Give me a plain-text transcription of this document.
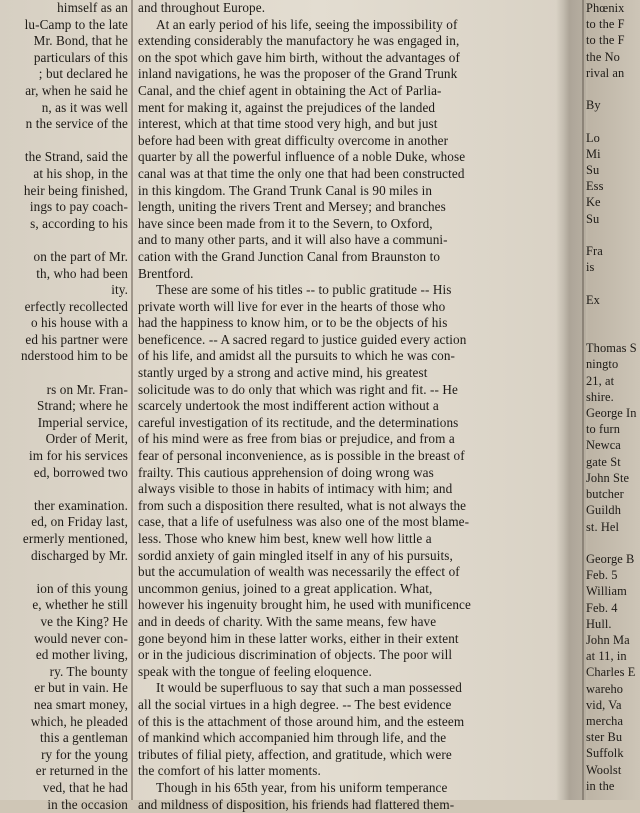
himself as an
lu-Camp to the late
Mr. Bond, that he
particulars of this
; but declared he
ar, when he said he
n, as it was well
n the service of the

the Strand, said the
at his shop, in the
heir being finished,
ings to pay coach-
s, according to his

on the part of Mr.
th, who had been
ity.
erfectly recollected
o his house with a
ed his partner were
nderstood him to be

rs on Mr. Fran-
Strand; where he
Imperial service,
Order of Merit,
im for his services
ed, borrowed two

ther examination.
ed, on Friday last,
ermerly mentioned,
discharged by Mr.

ion of this young
e, whether he still
ve the King? He
would never con-
ed mother living,
ry. The bounty
er but in vain. He
nea smart money,
which, he pleaded
this a gentleman
ry for the young
er returned in the
ved, that he had
in the occasion
and throughout Europe.
At an early period of his life, seeing the impossibility of
extending considerably the manufactory he was engaged in,
on the spot which gave him birth, without the advantages of
inland navigations, he was the proposer of the Grand Trunk
Canal, and the chief agent in obtaining the Act of Parlia-
ment for making it, against the prejudices of the landed
interest, which at that time stood very high, and but just
before had been with great difficulty overcome in another
quarter by all the powerful influence of a noble Duke, whose
canal was at that time the only one that had been constructed
in this kingdom. The Grand Trunk Canal is 90 miles in
length, uniting the rivers Trent and Mersey; and branches
have since been made from it to the Severn, to Oxford,
and to many other parts, and it will also have a communi-
cation with the Grand Junction Canal from Braunston to
Brentford.
These are some of his titles -- to public gratitude -- His
private worth will live for ever in the hearts of those who
had the happiness to know him, or to be the objects of his
beneficence. -- A sacred regard to justice guided every action
of his life, and amidst all the pursuits to which he was con-
stantly urged by a strong and active mind, his greatest
solicitude was to do only that which was right and fit. -- He
scarcely undertook the most indifferent action without a
careful investigation of its rectitude, and the determinations
of his mind were as free from bias or prejudice, and from a
fear of personal inconvenience, as is possible in the breast of
frailty. This cautious apprehension of doing wrong was
always visible to those in habits of intimacy with him; and
from such a disposition there resulted, what is not always the
case, that a life of usefulness was also one of the most blame-
less. Those who knew him best, knew well how little a
sordid anxiety of gain mingled itself in any of his pursuits,
but the accumulation of wealth was necessarily the effect of
uncommon genius, joined to a great application. What,
however his ingenuity brought him, he used with munificence
and in deeds of charity. With the same means, few have
gone beyond him in these latter works, either in their extent
or in the judicious discrimination of objects. The poor will
speak with the tongue of feeling eloquence.
It would be superfluous to say that such a man possessed
all the social virtues in a high degree. -- The best evidence
of this is the attachment of those around him, and the esteem
of mankind which accompanied him through life, and the
tributes of filial piety, affection, and gratitude, which were
the comfort of his latter moments.
Though in his 65th year, from his uniform temperance
and mildness of disposition, his friends had flattered them-
Phœnix
to the F
to the F
the No
rival an

By

Lo
Mi
Su
Ess
Ke
Su

Fra
is

Ex

Thomas S
ningto
21, at
shire.
George In
to furn
Newca
gate St
John Ste
butcher
Guildh
st. Hel

George B
Feb. 5
William
Feb. 4
Hull.
John Ma
at 11, in
Charles E
wareho
vid, Va
mercha
ster Bu
Suffolk
Woolst
in the
